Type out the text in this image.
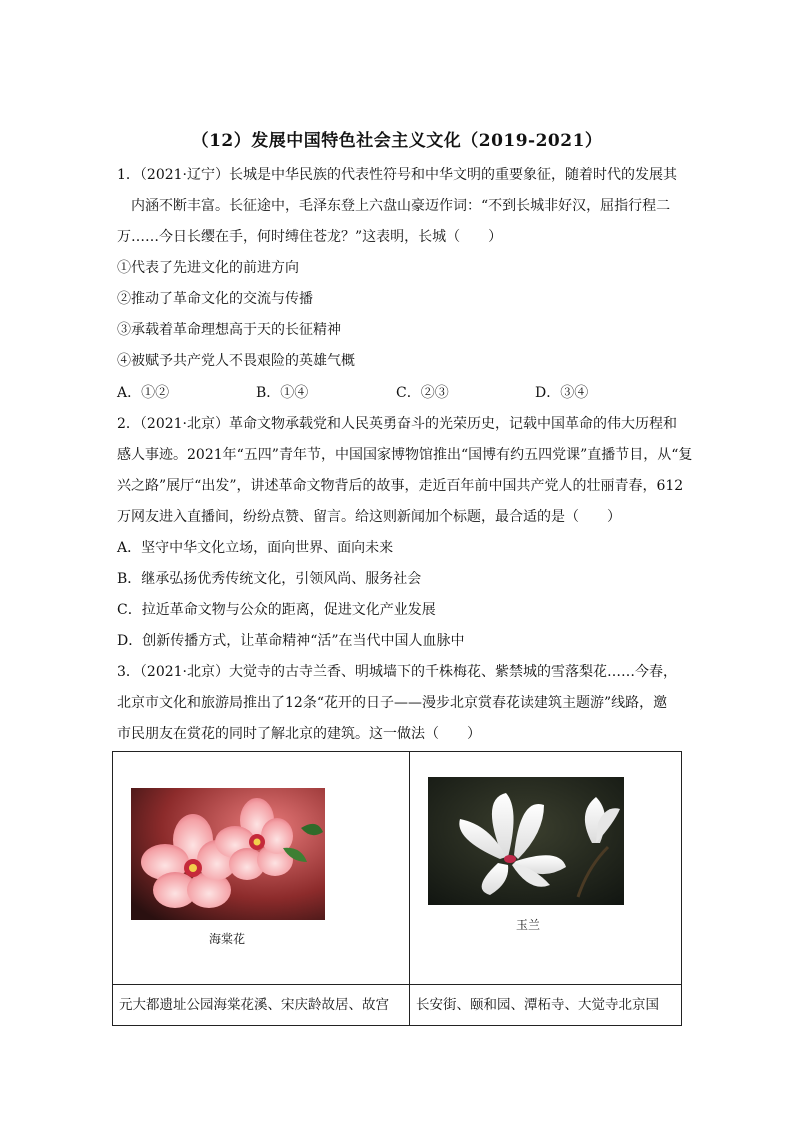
（12）发展中国特色社会主义文化（2019-2021）
1．（2021·辽宁）长城是中华民族的代表性符号和中华文明的重要象征，随着时代的发展其
内涵不断丰富。长征途中，毛泽东登上六盘山豪迈作词：“不到长城非好汉，屈指行程二
万……今日长缨在手，何时缚住苍龙？”这表明，长城（　　）
①代表了先进文化的前进方向
②推动了革命文化的交流与传播
③承载着革命理想高于天的长征精神
④被赋予共产党人不畏艰险的英雄气概
A．①②	B．①④	C．②③	D．③④
2．（2021·北京）革命文物承载党和人民英勇奋斗的光荣历史，记载中国革命的伟大历程和
感人事迹。2021年“五四”青年节，中国国家博物馆推出“国博有约五四党课”直播节目，从“复
兴之路”展厅“出发”，讲述革命文物背后的故事，走近百年前中国共产党人的壮丽青春，612
万网友进入直播间，纷纷点赞、留言。给这则新闻加个标题，最合适的是（　　）
A．坚守中华文化立场，面向世界、面向未来
B．继承弘扬优秀传统文化，引领风尚、服务社会
C．拉近革命文物与公众的距离，促进文化产业发展
D．创新传播方式，让革命精神“活”在当代中国人血脉中
3．（2021·北京）大觉寺的古寺兰香、明城墙下的千株梅花、紫禁城的雪落梨花……今春，
北京市文化和旅游局推出了12条“花开的日子——漫步北京赏春花读建筑主题游”线路，邀
市民朋友在赏花的同时了解北京的建筑。这一做法（　　）
海棠花	玉兰

元大都遗址公园海棠花溪、宋庆龄故居、故宫	长安街、颐和园、潭柘寺、大觉寺北京国
